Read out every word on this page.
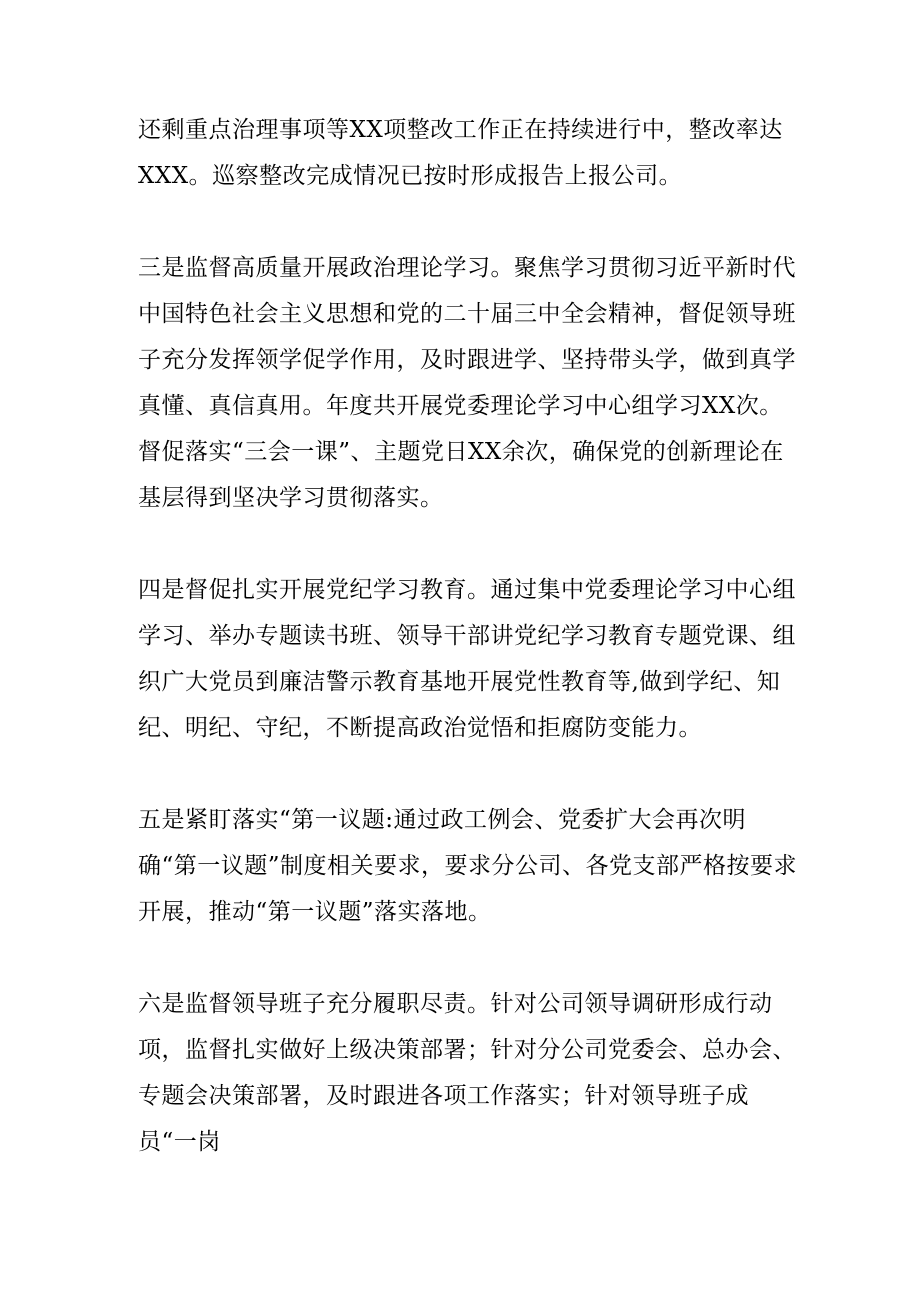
还剩重点治理事项等XX项整改工作正在持续进行中，整改率达XXX。巡察整改完成情况已按时形成报告上报公司。

三是监督高质量开展政治理论学习。聚焦学习贯彻习近平新时代中国特色社会主义思想和党的二十届三中全会精神，督促领导班子充分发挥领学促学作用，及时跟进学、坚持带头学，做到真学真懂、真信真用。年度共开展党委理论学习中心组学习XX次。督促落实“三会一课”、主题党日XX余次，确保党的创新理论在基层得到坚决学习贯彻落实。

四是督促扎实开展党纪学习教育。通过集中党委理论学习中心组学习、举办专题读书班、领导干部讲党纪学习教育专题党课、组织广大党员到廉洁警示教育基地开展党性教育等,做到学纪、知纪、明纪、守纪，不断提高政治觉悟和拒腐防变能力。

五是紧盯落实“第一议题:通过政工例会、党委扩大会再次明确“第一议题”制度相关要求，要求分公司、各党支部严格按要求开展，推动“第一议题”落实落地。

六是监督领导班子充分履职尽责。针对公司领导调研形成行动项，监督扎实做好上级决策部署；针对分公司党委会、总办会、专题会决策部署，及时跟进各项工作落实；针对领导班子成员“一岗
